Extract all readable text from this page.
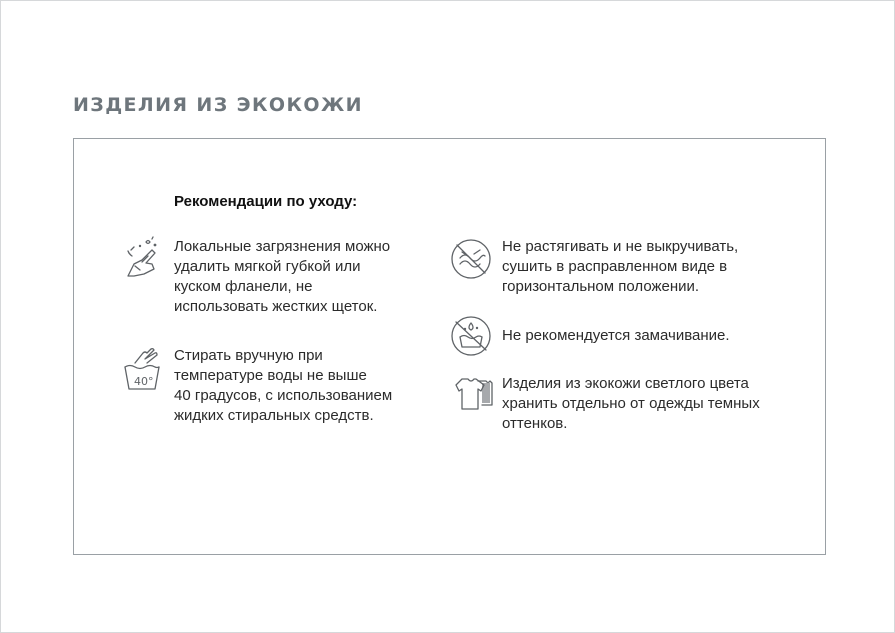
ИЗДЕЛИЯ ИЗ ЭКОКОЖИ

Рекомендации по уходу:

Локальные загрязнения можно
удалить мягкой губкой или
куском фланели, не
использовать жестких щеток.

40°

Стирать вручную при
температуре воды не выше
40 градусов, с использованием
жидких стиральных средств.

Не растягивать и не выкручивать,
сушить в расправленном виде в
горизонтальном положении.

Не рекомендуется замачивание.

Изделия из экокожи светлого цвета
хранить отдельно от одежды темных
оттенков.
